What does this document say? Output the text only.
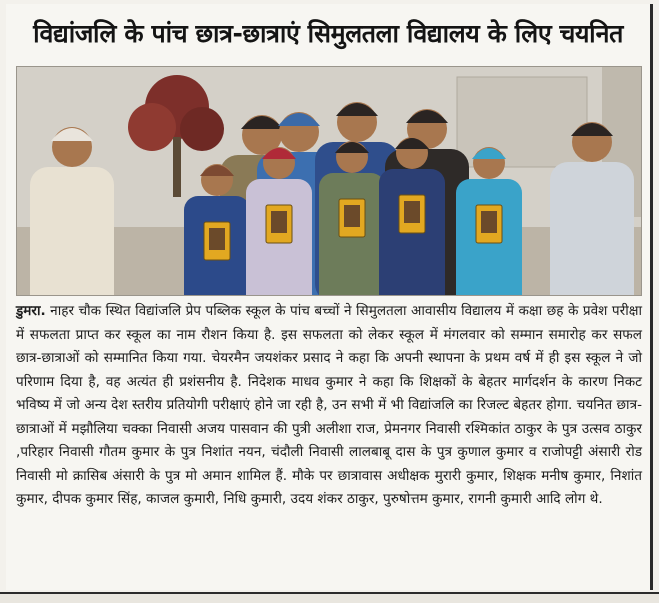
विद्यांजलि के पांच छात्र-छात्राएं सिमुलतला विद्यालय के लिए चयनित

डुमरा. नाहर चौक स्थित विद्यांजलि प्रेप पब्लिक स्कूल के पांच बच्चों ने सिमुलतला आवासीय विद्यालय में कक्षा छह के प्रवेश परीक्षा में सफलता प्राप्त कर स्कूल का नाम रौशन किया है. इस सफलता को लेकर स्कूल में मंगलवार को सम्मान समारोह कर सफल छात्र-छात्राओं को सम्मानित किया गया. चेयरमैन जयशंकर प्रसाद ने कहा कि अपनी स्थापना के प्रथम वर्ष में ही इस स्कूल ने जो परिणाम दिया है, वह अत्यंत ही प्रशंसनीय है. निदेशक माधव कुमार ने कहा कि शिक्षकों के बेहतर मार्गदर्शन के कारण निकट भविष्य में जो अन्य देश स्तरीय प्रतियोगी परीक्षाएं होने जा रही है, उन सभी में भी विद्यांजलि का रिजल्ट बेहतर होगा. चयनित छात्र-छात्राओं में मझौलिया चक्का निवासी अजय पासवान की पुत्री अलीशा राज, प्रेमनगर निवासी रश्मिकांत ठाकुर के पुत्र उत्सव ठाकुर ,परिहार निवासी गौतम कुमार के पुत्र निशांत नयन, चंदौली निवासी लालबाबू दास के पुत्र कुणाल कुमार व राजोपट्टी अंसारी रोड निवासी मो क्रासिब अंसारी के पुत्र मो अमान शामिल हैं. मौके पर छात्रावास अधीक्षक मुरारी कुमार, शिक्षक मनीष कुमार, निशांत कुमार, दीपक कुमार सिंह, काजल कुमारी, निधि कुमारी, उदय शंकर ठाकुर, पुरुषोत्तम कुमार, रागनी कुमारी आदि लोग थे.
